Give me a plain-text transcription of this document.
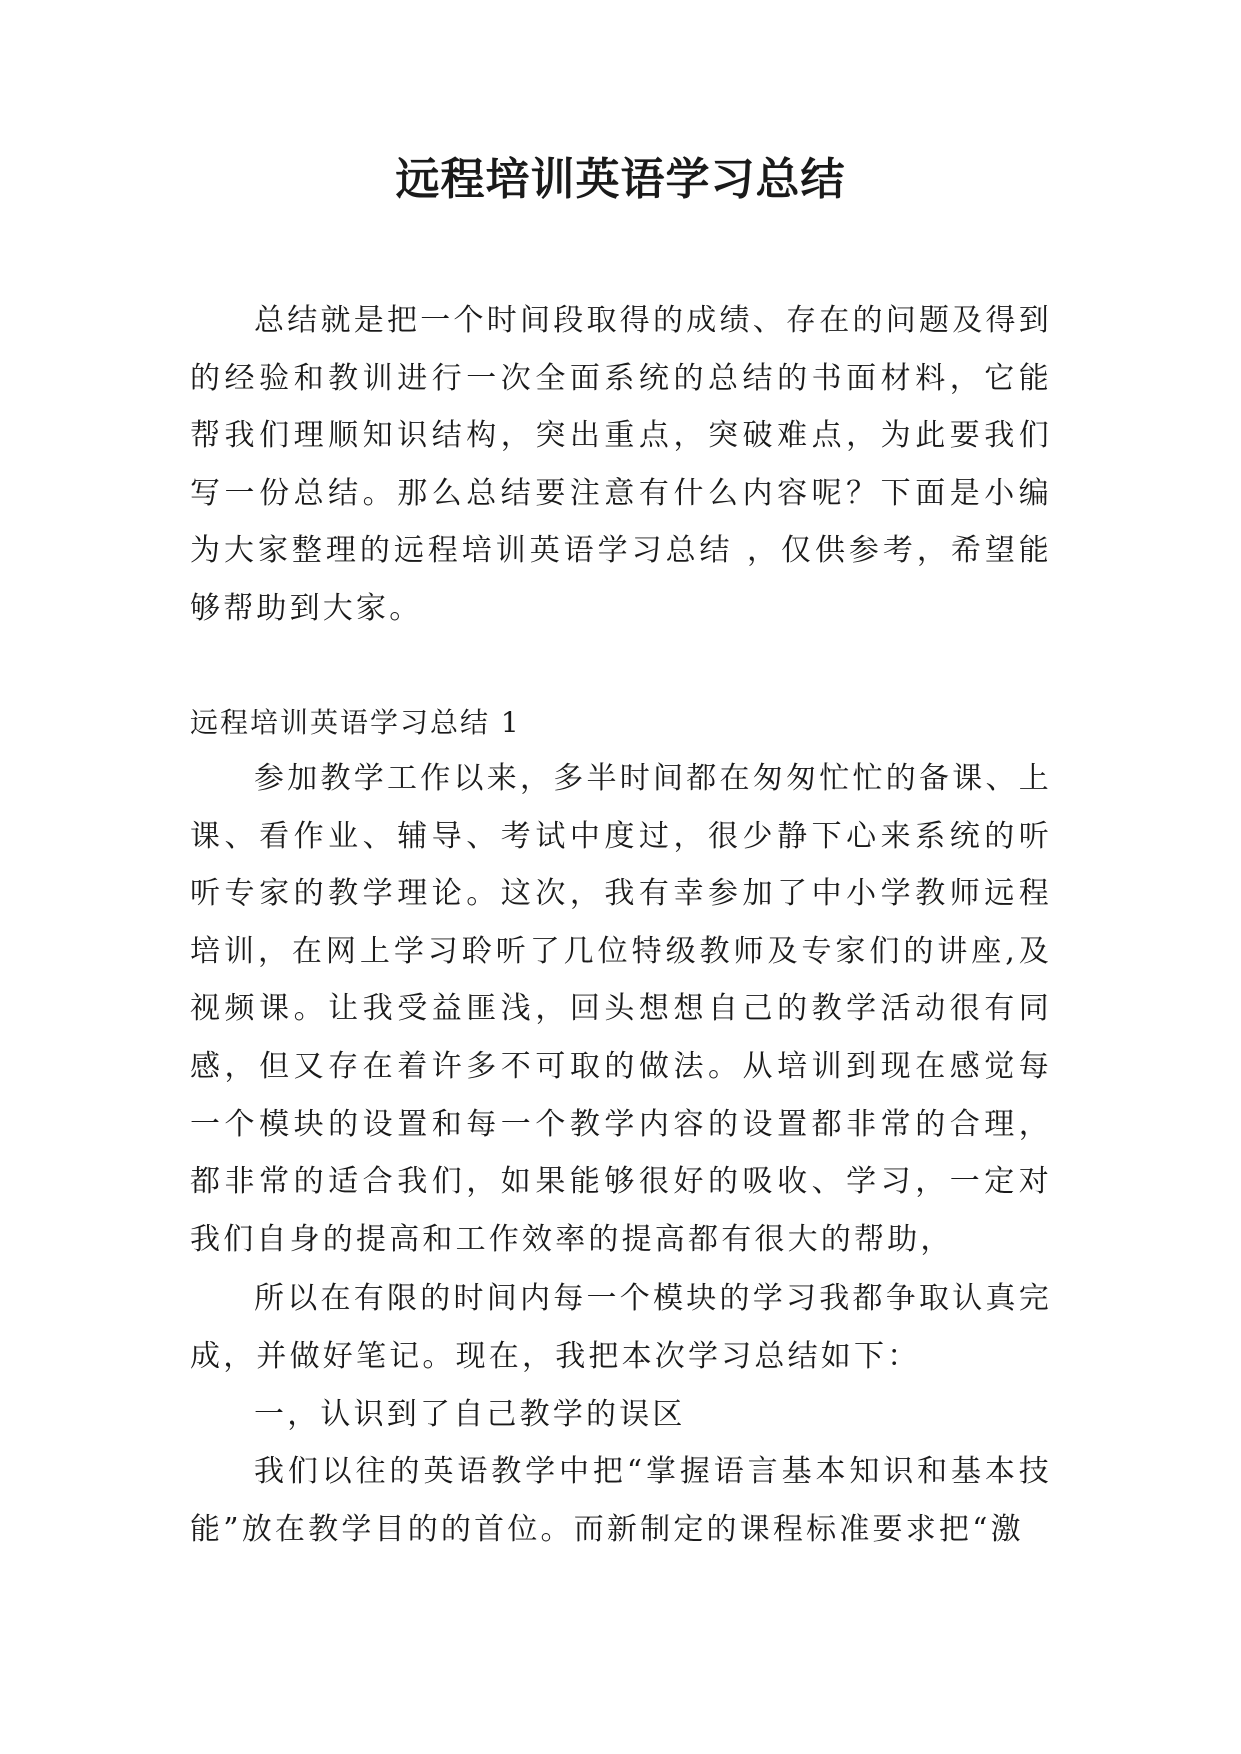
远程培训英语学习总结

总结就是把一个时间段取得的成绩、存在的问题及得到的经验和教训进行一次全面系统的总结的书面材料，它能帮我们理顺知识结构，突出重点，突破难点，为此要我们写一份总结。那么总结要注意有什么内容呢？下面是小编为大家整理的远程培训英语学习总结 ，仅供参考，希望能够帮助到大家。

远程培训英语学习总结 1

参加教学工作以来，多半时间都在匆匆忙忙的备课、上课、看作业、辅导、考试中度过，很少静下心来系统的听听专家的教学理论。这次，我有幸参加了中小学教师远程培训，在网上学习聆听了几位特级教师及专家们的讲座,及视频课。让我受益匪浅，回头想想自己的教学活动很有同感，但又存在着许多不可取的做法。从培训到现在感觉每一个模块的设置和每一个教学内容的设置都非常的合理，都非常的适合我们，如果能够很好的吸收、学习，一定对我们自身的提高和工作效率的提高都有很大的帮助，

所以在有限的时间内每一个模块的学习我都争取认真完成，并做好笔记。现在，我把本次学习总结如下：

一，认识到了自己教学的误区

我们以往的英语教学中把“掌握语言基本知识和基本技能”放在教学目的的首位。而新制定的课程标准要求把“激
